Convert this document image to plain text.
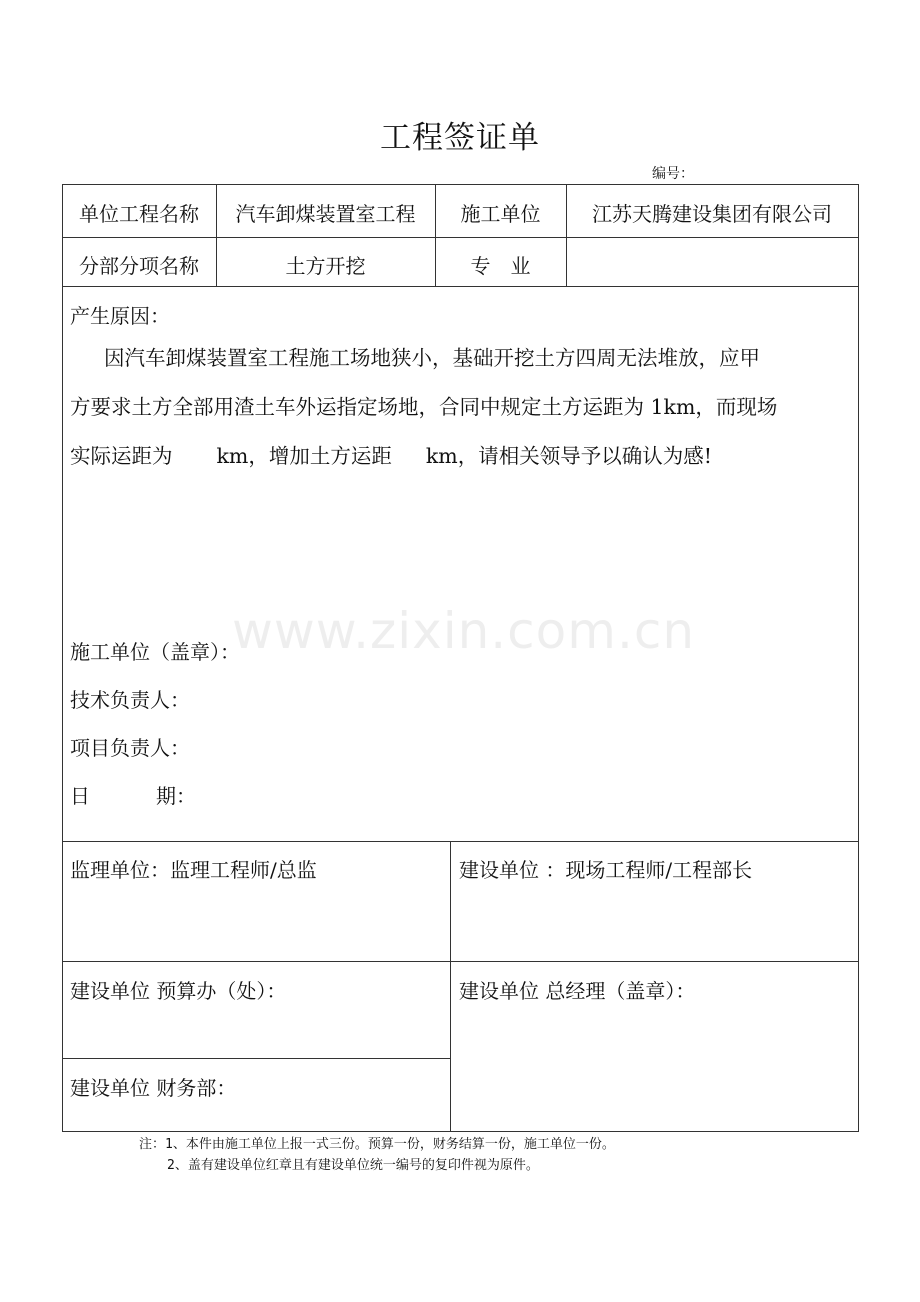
工程签证单
编号：
单位工程名称	汽车卸煤装置室工程	施工单位	江苏天腾建设集团有限公司
分部分项名称	土方开挖	专　业
产生原因：
因汽车卸煤装置室工程施工场地狭小，基础开挖土方四周无法堆放，应甲
方要求土方全部用渣土车外运指定场地，合同中规定土方运距为 1km，而现场
实际运距为 km，增加土方运距 km，请相关领导予以确认为感!
www.zixin.com.cn
施工单位（盖章）：
技术负责人：
项目负责人：
日	期：
监理单位：监理工程师/总监	建设单位 ：现场工程师/工程部长
建设单位 预算办（处）：	建设单位 总经理（盖章）：
建设单位 财务部：
注：1、本件由施工单位上报一式三份。预算一份，财务结算一份，施工单位一份。
2、盖有建设单位红章且有建设单位统一编号的复印件视为原件。
